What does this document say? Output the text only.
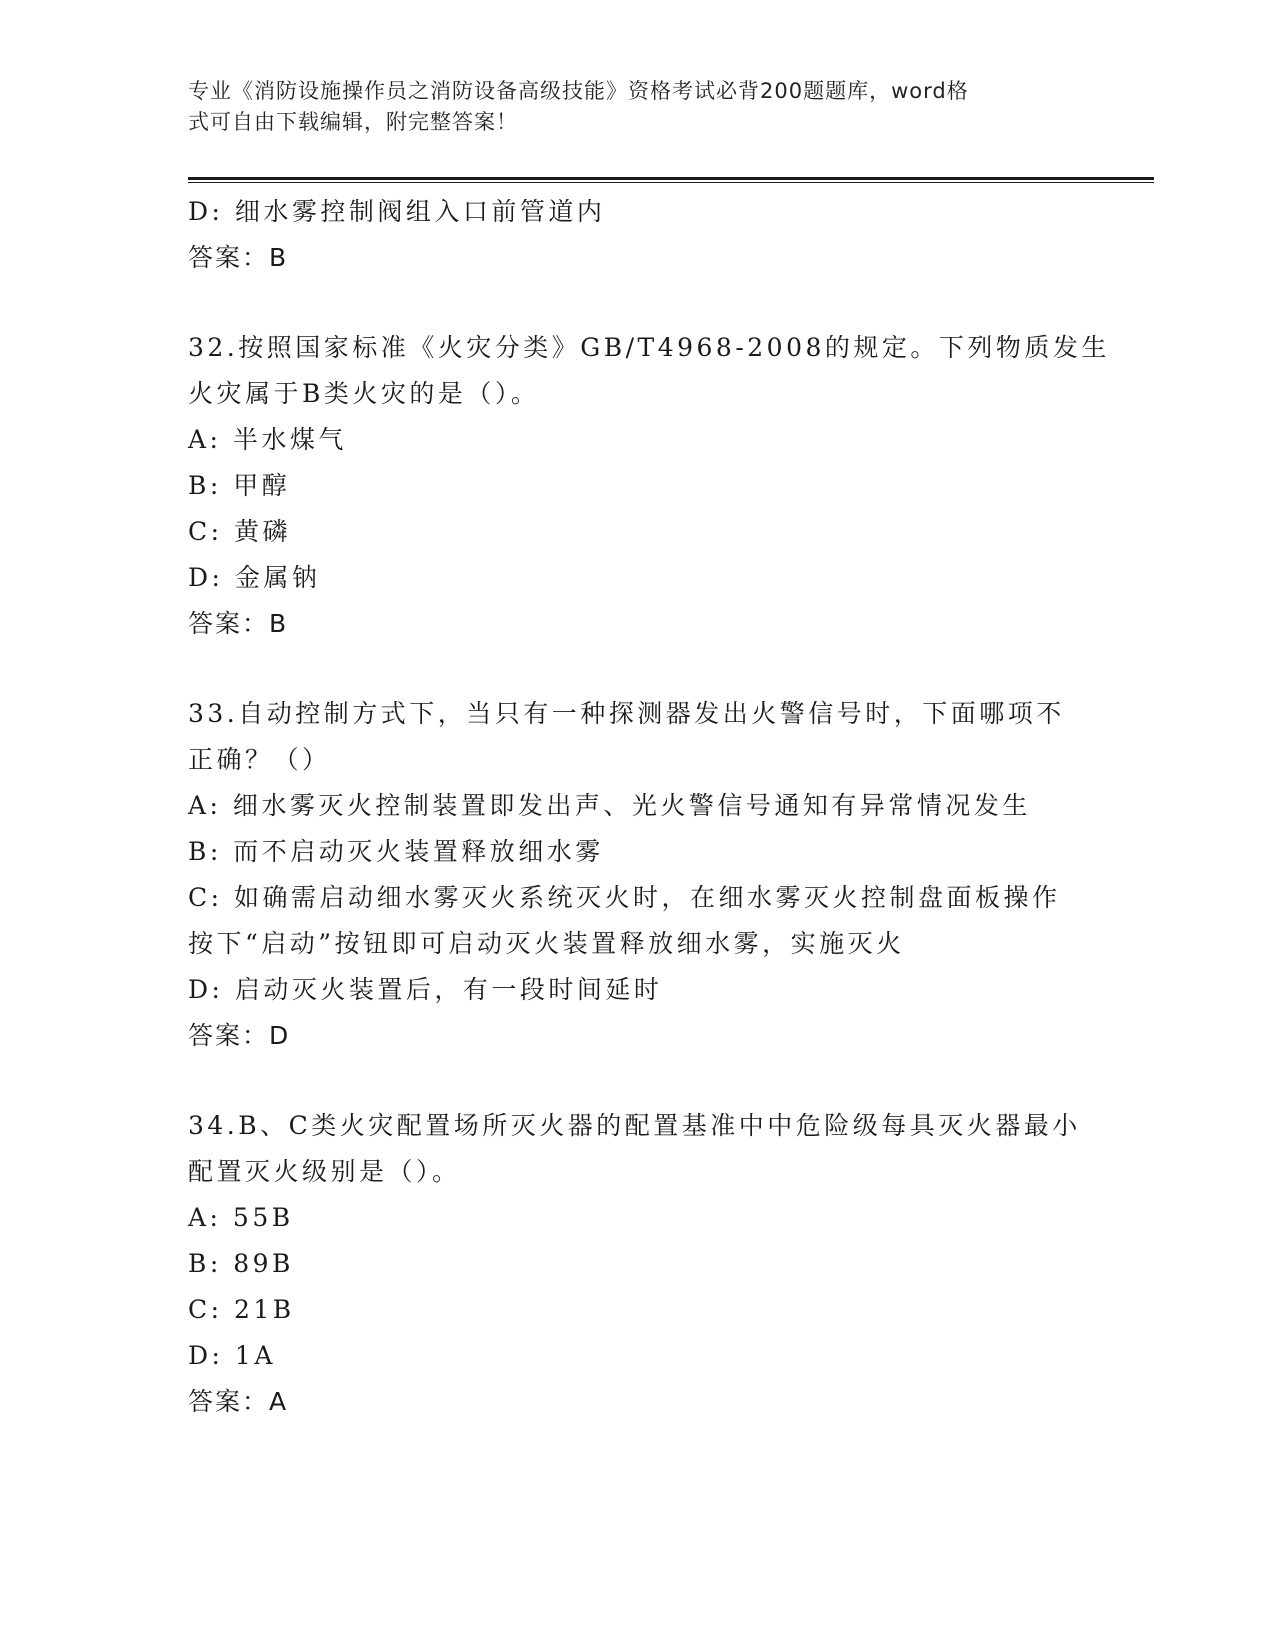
专业《消防设施操作员之消防设备高级技能》资格考试必背200题题库，word格
式可自由下载编辑，附完整答案！
D: 细水雾控制阀组入口前管道内
答案：B
32.按照国家标准《火灾分类》GB/T4968-2008的规定。下列物质发生
火灾属于B类火灾的是（）。
A: 半水煤气
B: 甲醇
C: 黄磷
D: 金属钠
答案：B
33.自动控制方式下，当只有一种探测器发出火警信号时，下面哪项不
正确？（）
A: 细水雾灭火控制装置即发出声、光火警信号通知有异常情况发生
B: 而不启动灭火装置释放细水雾
C: 如确需启动细水雾灭火系统灭火时，在细水雾灭火控制盘面板操作
按下“启动”按钮即可启动灭火装置释放细水雾，实施灭火
D: 启动灭火装置后，有一段时间延时
答案：D
34.B、C类火灾配置场所灭火器的配置基准中中危险级每具灭火器最小
配置灭火级别是（）。
A: 55B
B: 89B
C: 21B
D: 1A
答案：A
